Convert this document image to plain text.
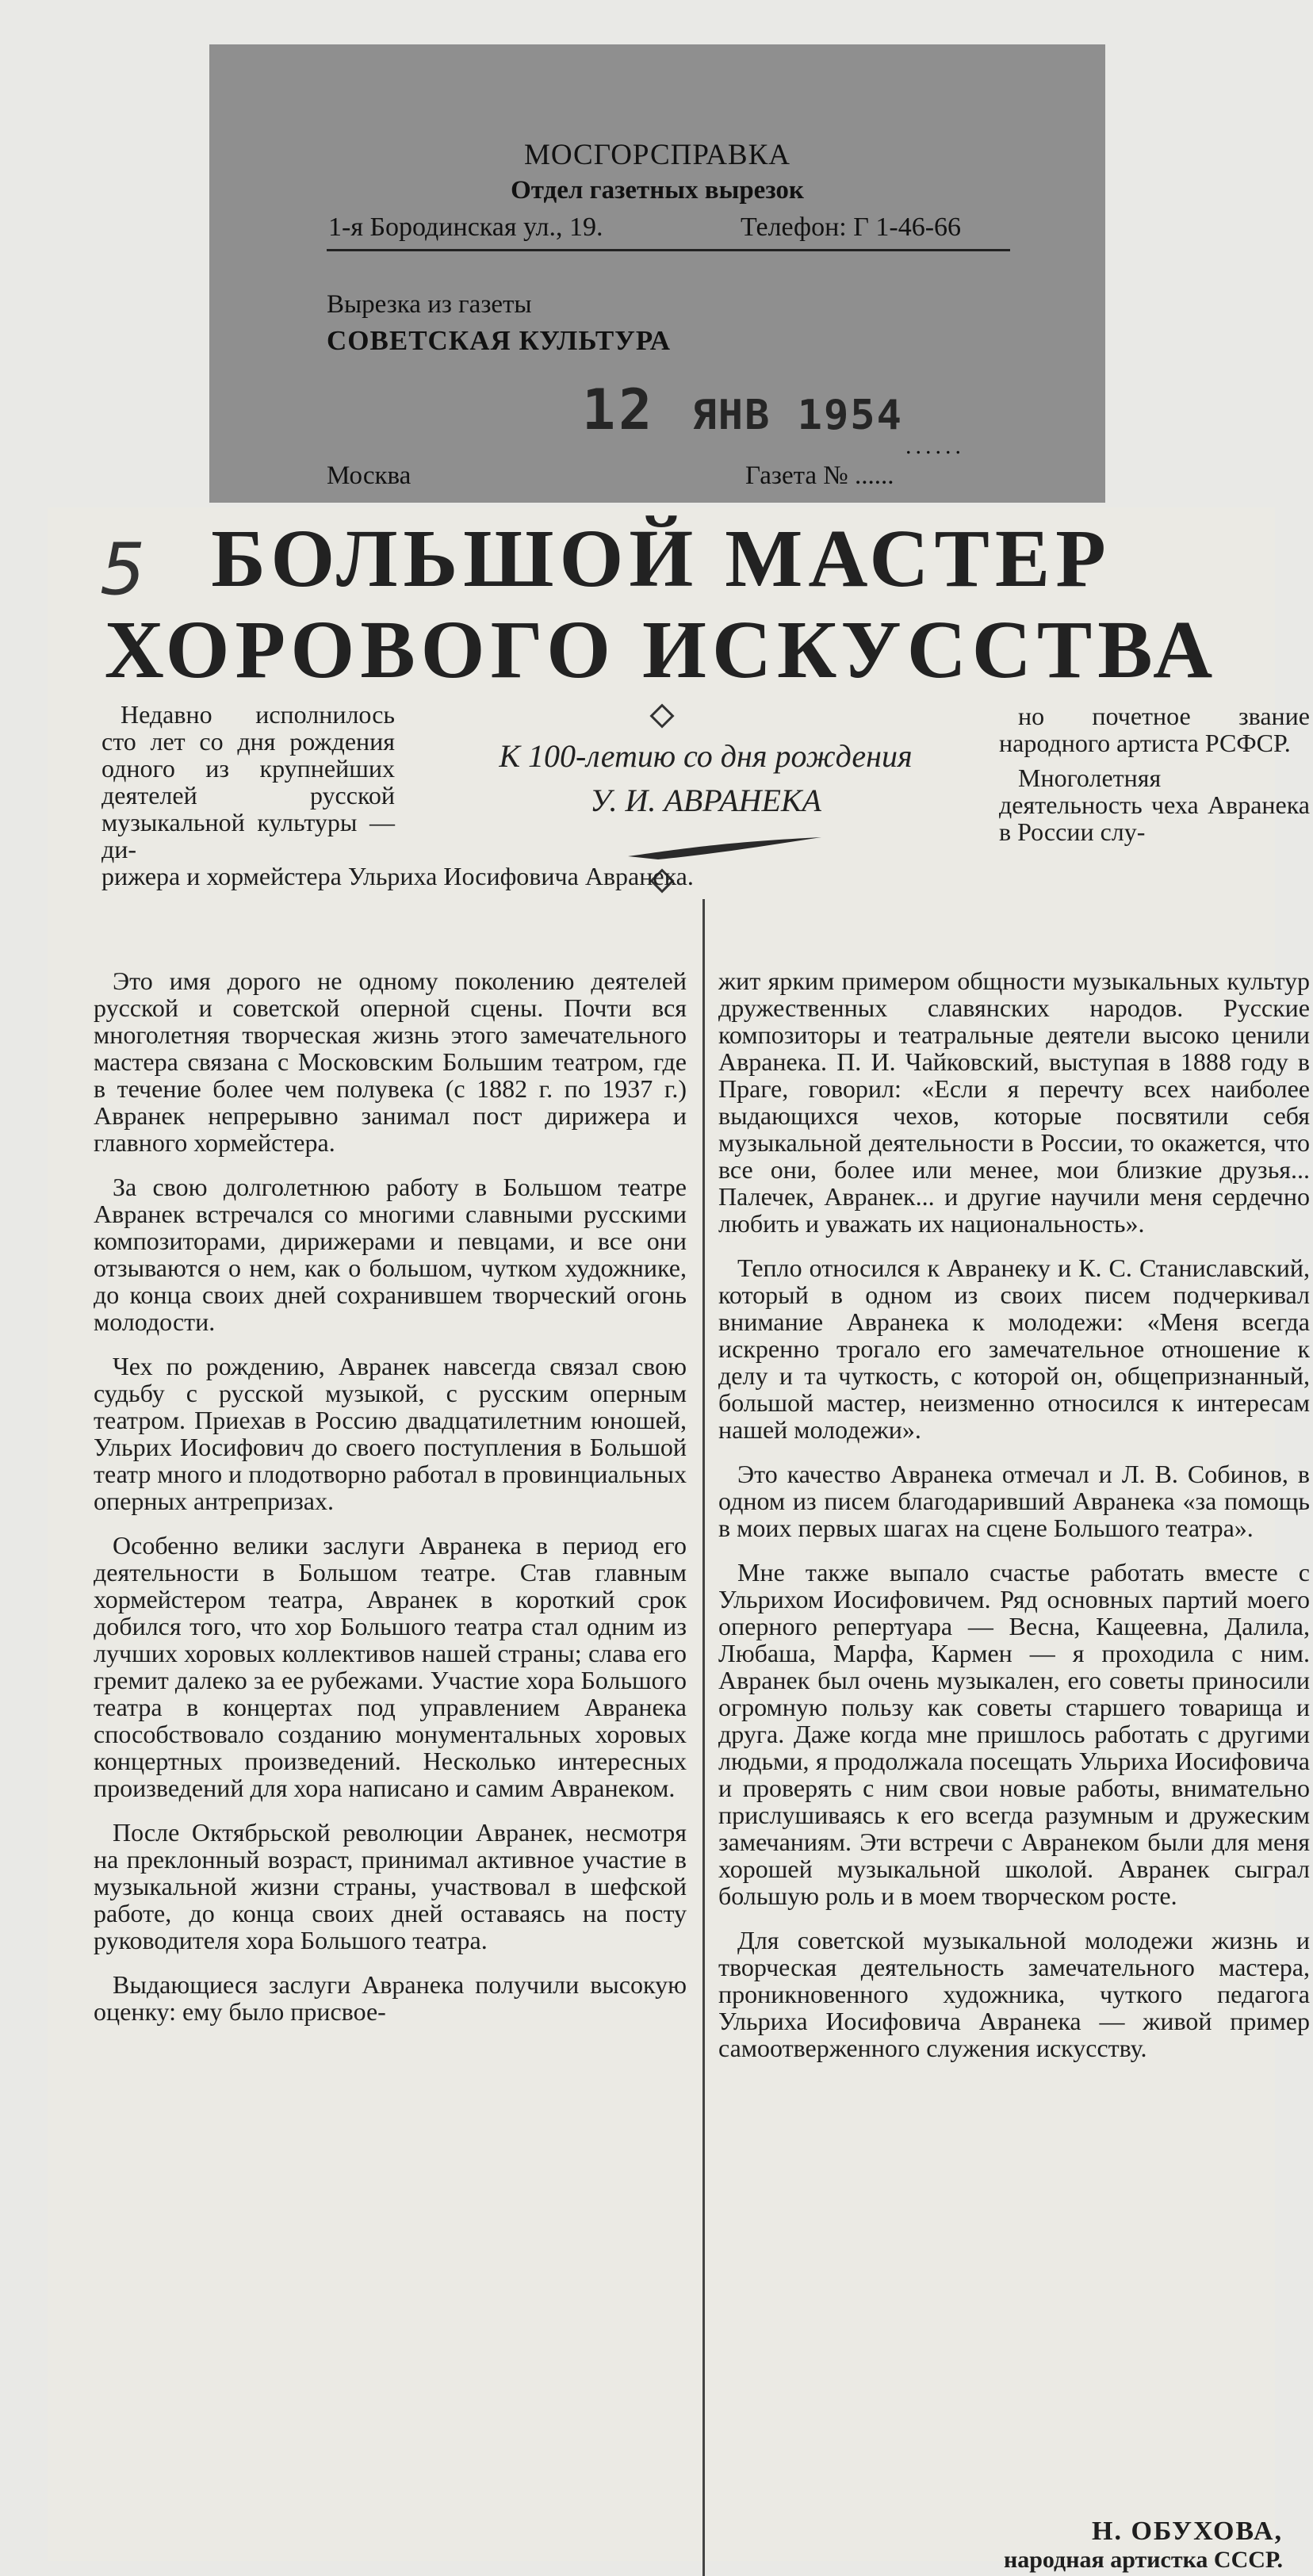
МОСГОРСПРАВКА
Отдел газетных вырезок
1-я Бородинская ул., 19.	Телефон: Г 1-46-66
Вырезка из газеты
СОВЕТСКАЯ КУЛЬТУРА
12 ЯНВ 1954
......
Москва	Газета № ......
5 БОЛЬШОЙ МАСТЕР
ХОРОВОГО ИСКУССТВА
К 100-летию со дня рождения
У. И. АВРАНЕКА
Недавно исполнилось сто лет со дня рождения одного из крупнейших деятелей русской музыкальной культуры — ди-
рижера и хормейстера Ульриха Иосифовича Авранека.

но почетное звание народного артиста РСФСР.

Многолетняя деятельность чеха Авранека в России слу-

Это имя дорого не одному поколению деятелей русской и советской оперной сцены. Почти вся многолетняя творческая жизнь этого замечательного мастера связана с Московским Большим театром, где в течение более чем полувека (с 1882 г. по 1937 г.) Авранек непрерывно занимал пост дирижера и главного хормейстера.

За свою долголетнюю работу в Большом театре Авранек встречался со многими славными русскими композиторами, дирижерами и певцами, и все они отзываются о нем, как о большом, чутком художнике, до конца своих дней сохранившем творческий огонь молодости.

Чех по рождению, Авранек навсегда связал свою судьбу с русской музыкой, с русским оперным театром. Приехав в Россию двадцатилетним юношей, Ульрих Иосифович до своего поступления в Большой театр много и плодотворно работал в провинциальных оперных антрепризах.

Особенно велики заслуги Авранека в период его деятельности в Большом театре. Став главным хормейстером театра, Авранек в короткий срок добился того, что хор Большого театра стал одним из лучших хоровых коллективов нашей страны; слава его гремит далеко за ее рубежами. Участие хора Большого театра в концертах под управлением Авранека способствовало созданию монументальных хоровых концертных произведений. Несколько интересных произведений для хора написано и самим Авранеком.

После Октябрьской революции Авранек, несмотря на преклонный возраст, принимал активное участие в музыкальной жизни страны, участвовал в шефской работе, до конца своих дней оставаясь на посту руководителя хора Большого театра.

Выдающиеся заслуги Авранека получили высокую оценку: ему было присвое-

жит ярким примером общности музыкальных культур дружественных славянских народов. Русские композиторы и театральные деятели высоко ценили Авранека. П. И. Чайковский, выступая в 1888 году в Праге, говорил: «Если я перечту всех наиболее выдающихся чехов, которые посвятили себя музыкальной деятельности в России, то окажется, что все они, более или менее, мои близкие друзья... Палечек, Авранек... и другие научили меня сердечно любить и уважать их национальность».

Тепло относился к Авранеку и К. С. Станиславский, который в одном из своих писем подчеркивал внимание Авранека к молодежи: «Меня всегда искренно трогало его замечательное отношение к делу и та чуткость, с которой он, общепризнанный, большой мастер, неизменно относился к интересам нашей молодежи».

Это качество Авранека отмечал и Л. В. Собинов, в одном из писем благодаривший Авранека «за помощь в моих первых шагах на сцене Большого театра».

Мне также выпало счастье работать вместе с Ульрихом Иосифовичем. Ряд основных партий моего оперного репертуара — Весна, Кащеевна, Далила, Любаша, Марфа, Кармен — я проходила с ним. Авранек был очень музыкален, его советы приносили огромную пользу как советы старшего товарища и друга. Даже когда мне пришлось работать с другими людьми, я продолжала посещать Ульриха Иосифовича и проверять с ним свои новые работы, внимательно прислушиваясь к его всегда разумным и дружеским замечаниям. Эти встречи с Авранеком были для меня хорошей музыкальной школой. Авранек сыграл большую роль и в моем творческом росте.

Для советской музыкальной молодежи жизнь и творческая деятельность замечательного мастера, проникновенного художника, чуткого педагога Ульриха Иосифовича Авранека — живой пример самоотверженного служения искусству.

Н. ОБУХОВА,
народная артистка СССР.
